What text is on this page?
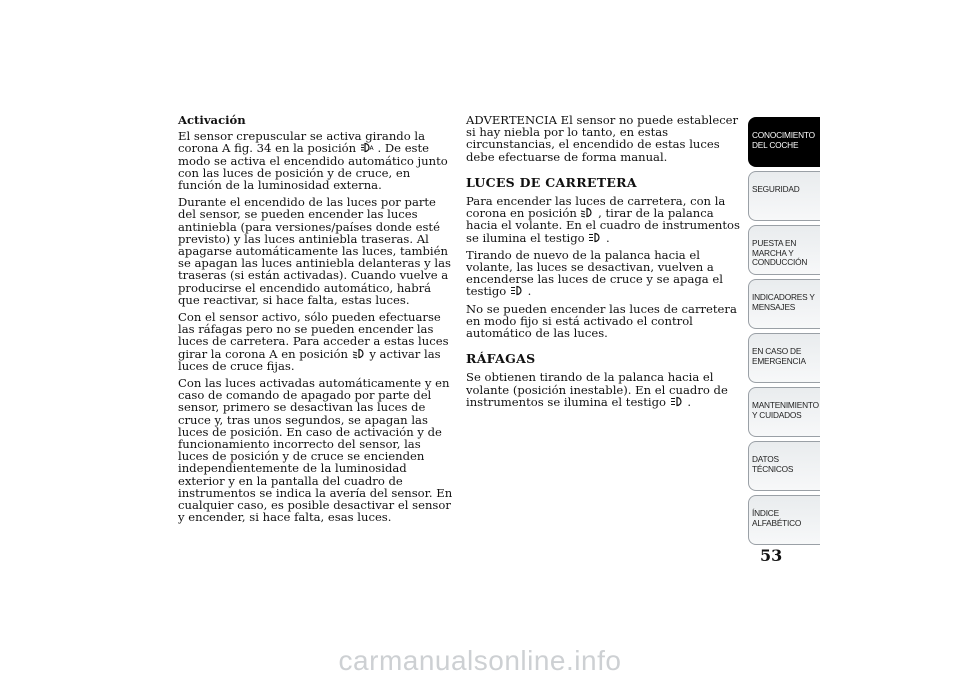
Activación

El sensor crepuscular se activa girando la corona A fig. 34 en la posición A . De este modo se activa el encendido automático junto con las luces de posición y de cruce, en función de la luminosidad externa.

Durante el encendido de las luces por parte del sensor, se pueden encender las luces antiniebla (para versiones/países donde esté previsto) y las luces antiniebla traseras. Al apagarse automáticamente las luces, también se apagan las luces antiniebla delanteras y las traseras (si están activadas). Cuando vuelve a producirse el encendido automático, habrá que reactivar, si hace falta, estas luces.

Con el sensor activo, sólo pueden efectuarse las ráfagas pero no se pueden encender las luces de carretera. Para acceder a estas luces girar la corona A en posición
y activar las luces de cruce fijas.

Con las luces activadas automáticamente y en caso de comando de apagado por parte del sensor, primero se desactivan las luces de cruce y, tras unos segundos, se apagan las luces de posición. En caso de activación y de funcionamiento incorrecto del sensor, las luces de posición y de cruce se encienden independientemente de la luminosidad exterior y en la pantalla del cuadro de instrumentos se indica la avería del sensor. En cualquier caso, es posible desactivar el sensor y encender, si hace falta, esas luces.

ADVERTENCIA El sensor no puede establecer si hay niebla por lo tanto, en estas circunstancias, el encendido de estas luces debe efectuarse de forma manual.

LUCES DE CARRETERA

Para encender las luces de carretera, con la corona en posición
, tirar de la palanca hacia el volante. En el cuadro de instrumentos se ilumina el testigo
.

Tirando de nuevo de la palanca hacia el volante, las luces se desactivan, vuelven a encenderse las luces de cruce y se apaga el testigo
.

No se pueden encender las luces de carretera en modo fijo si está activado el control automático de las luces.

RÁFAGAS

Se obtienen tirando de la palanca hacia el volante (posición inestable). En el cuadro de instrumentos se ilumina el testigo
.

CONOCIMIENTO DEL COCHE
SEGURIDAD
PUESTA EN MARCHA Y CONDUCCIÓN
INDICADORES Y MENSAJES
EN CASO DE EMERGENCIA
MANTENIMIENTO Y CUIDADOS
DATOS TÉCNICOS
ÍNDICE ALFABÉTICO
53
carmanualsonline.info
